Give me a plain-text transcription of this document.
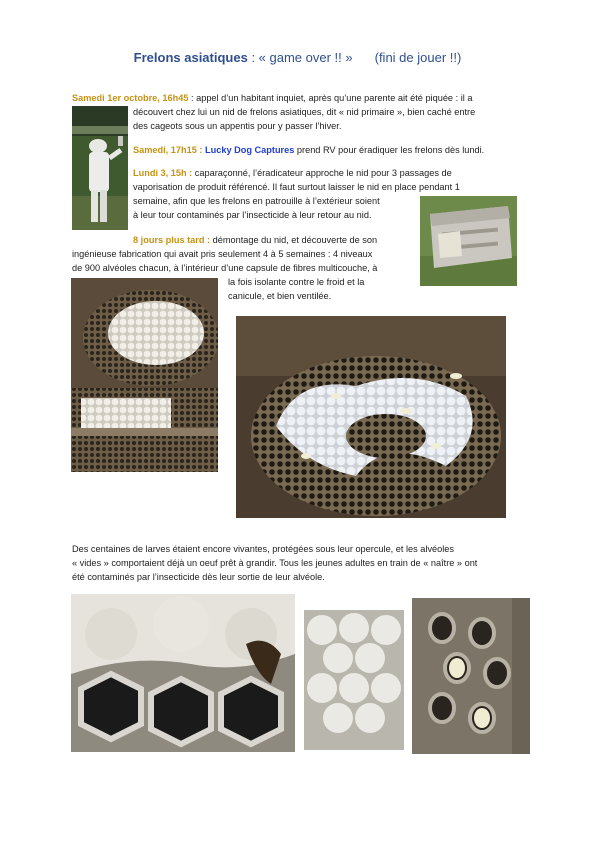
Frelons asiatiques : « game over !! » (fini de jouer !!)
Samedi 1er octobre, 16h45 : appel d’un habitant inquiet, après qu’une parente ait été piquée : il a
découvert chez lui un nid de frelons asiatiques, dit « nid primaire », bien caché entre
des cageots sous un appentis pour y passer l’hiver.
Samedi, 17h15 : Lucky Dog Captures prend RV pour éradiquer les frelons dès lundi.
Lundi 3, 15h : caparaçonné, l’éradicateur approche le nid pour 3 passages de
vaporisation de produit référencé. Il faut surtout laisser le nid en place pendant 1
semaine, afin que les frelons en patrouille à l’extérieur soient
à leur tour contaminés par l’insecticide à leur retour au nid.
8 jours plus tard : démontage du nid, et découverte de son
ingénieuse fabrication qui avait pris seulement 4 à 5 semaines : 4 niveaux
de 900 alvéoles chacun, à l’intérieur d’une capsule de fibres multicouche, à
la fois isolante contre le froid et la
canicule, et bien ventilée.
Des centaines de larves étaient encore vivantes, protégées sous leur opercule, et les alvéoles
« vides » comportaient déjà un oeuf prêt à grandir. Tous les jeunes adultes en train de « naître » ont
été contaminés par l’insecticide dès leur sortie de leur alvéole.
